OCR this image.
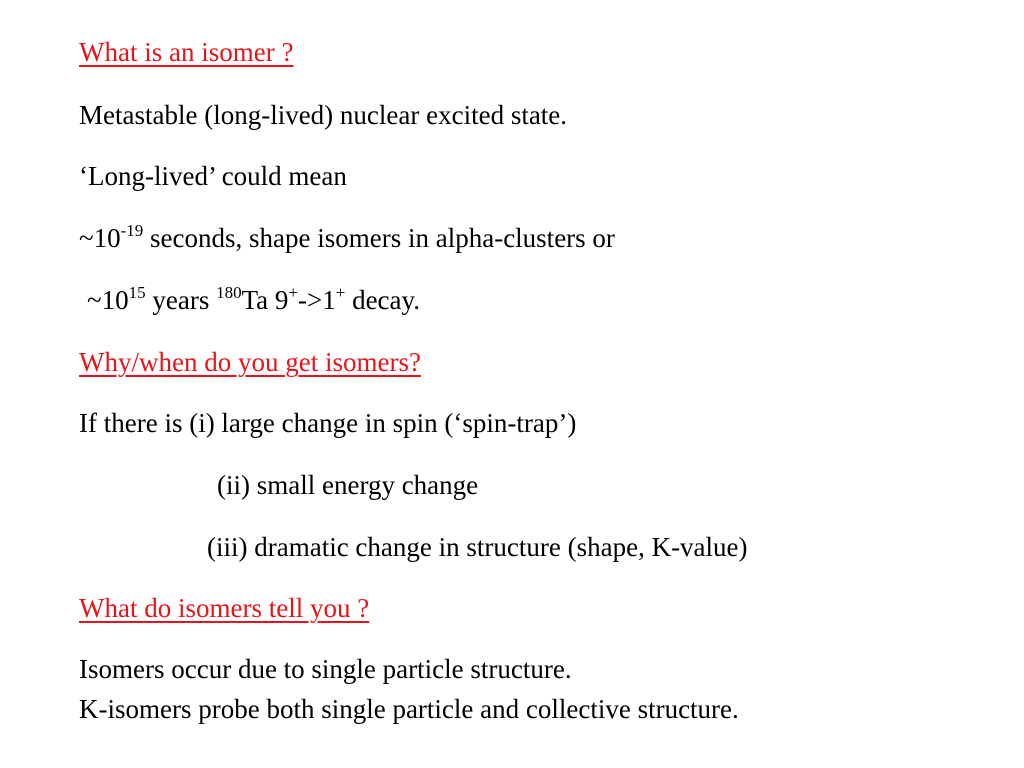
What is an isomer ?
Metastable (long-lived) nuclear excited state.
‘Long-lived’ could mean
$\sim 10^{-19}$ seconds, shape isomers in alpha-clusters or
$\sim 10^{15}$ years $^{180}$Ta 9+->1+ decay.
Why/when do you get isomers?
If there is (i) large change in spin (‘spin-trap’)
(ii) small energy change
(iii) dramatic change in structure (shape, K-value)
What do isomers tell you ?
Isomers occur due to single particle structure.
K-isomers probe both single particle and collective structure.
